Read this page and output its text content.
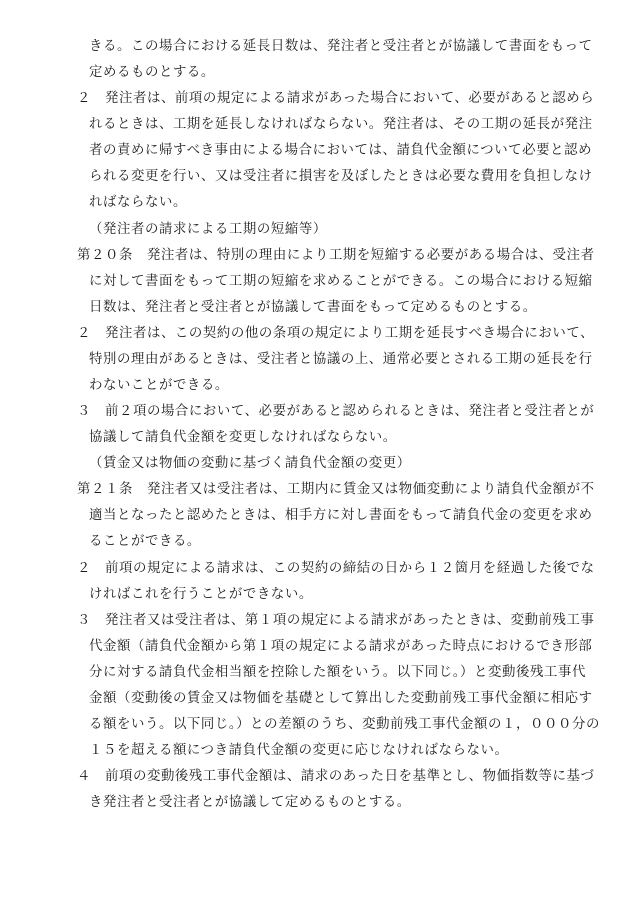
きる。この場合における延長日数は、発注者と受注者とが協議して書面をもって
定めるものとする。
２　発注者は、前項の規定による請求があった場合において、必要があると認めら
れるときは、工期を延長しなければならない。発注者は、その工期の延長が発注
者の責めに帰すべき事由による場合においては、請負代金額について必要と認め
られる変更を行い、又は受注者に損害を及ぼしたときは必要な費用を負担しなけ
ればならない。
（発注者の請求による工期の短縮等）
第２０条　発注者は、特別の理由により工期を短縮する必要がある場合は、受注者
に対して書面をもって工期の短縮を求めることができる。この場合における短縮
日数は、発注者と受注者とが協議して書面をもって定めるものとする。
２　発注者は、この契約の他の条項の規定により工期を延長すべき場合において、
特別の理由があるときは、受注者と協議の上、通常必要とされる工期の延長を行
わないことができる。
３　前２項の場合において、必要があると認められるときは、発注者と受注者とが
協議して請負代金額を変更しなければならない。
（賃金又は物価の変動に基づく請負代金額の変更）
第２１条　発注者又は受注者は、工期内に賃金又は物価変動により請負代金額が不
適当となったと認めたときは、相手方に対し書面をもって請負代金の変更を求め
ることができる。
２　前項の規定による請求は、この契約の締結の日から１２箇月を経過した後でな
ければこれを行うことができない。
３　発注者又は受注者は、第１項の規定による請求があったときは、変動前残工事
代金額（請負代金額から第１項の規定による請求があった時点におけるでき形部
分に対する請負代金相当額を控除した額をいう。以下同じ。）と変動後残工事代
金額（変動後の賃金又は物価を基礎として算出した変動前残工事代金額に相応す
る額をいう。以下同じ。）との差額のうち、変動前残工事代金額の１，０００分の
１５を超える額につき請負代金額の変更に応じなければならない。
４　前項の変動後残工事代金額は、請求のあった日を基準とし、物価指数等に基づ
き発注者と受注者とが協議して定めるものとする。
